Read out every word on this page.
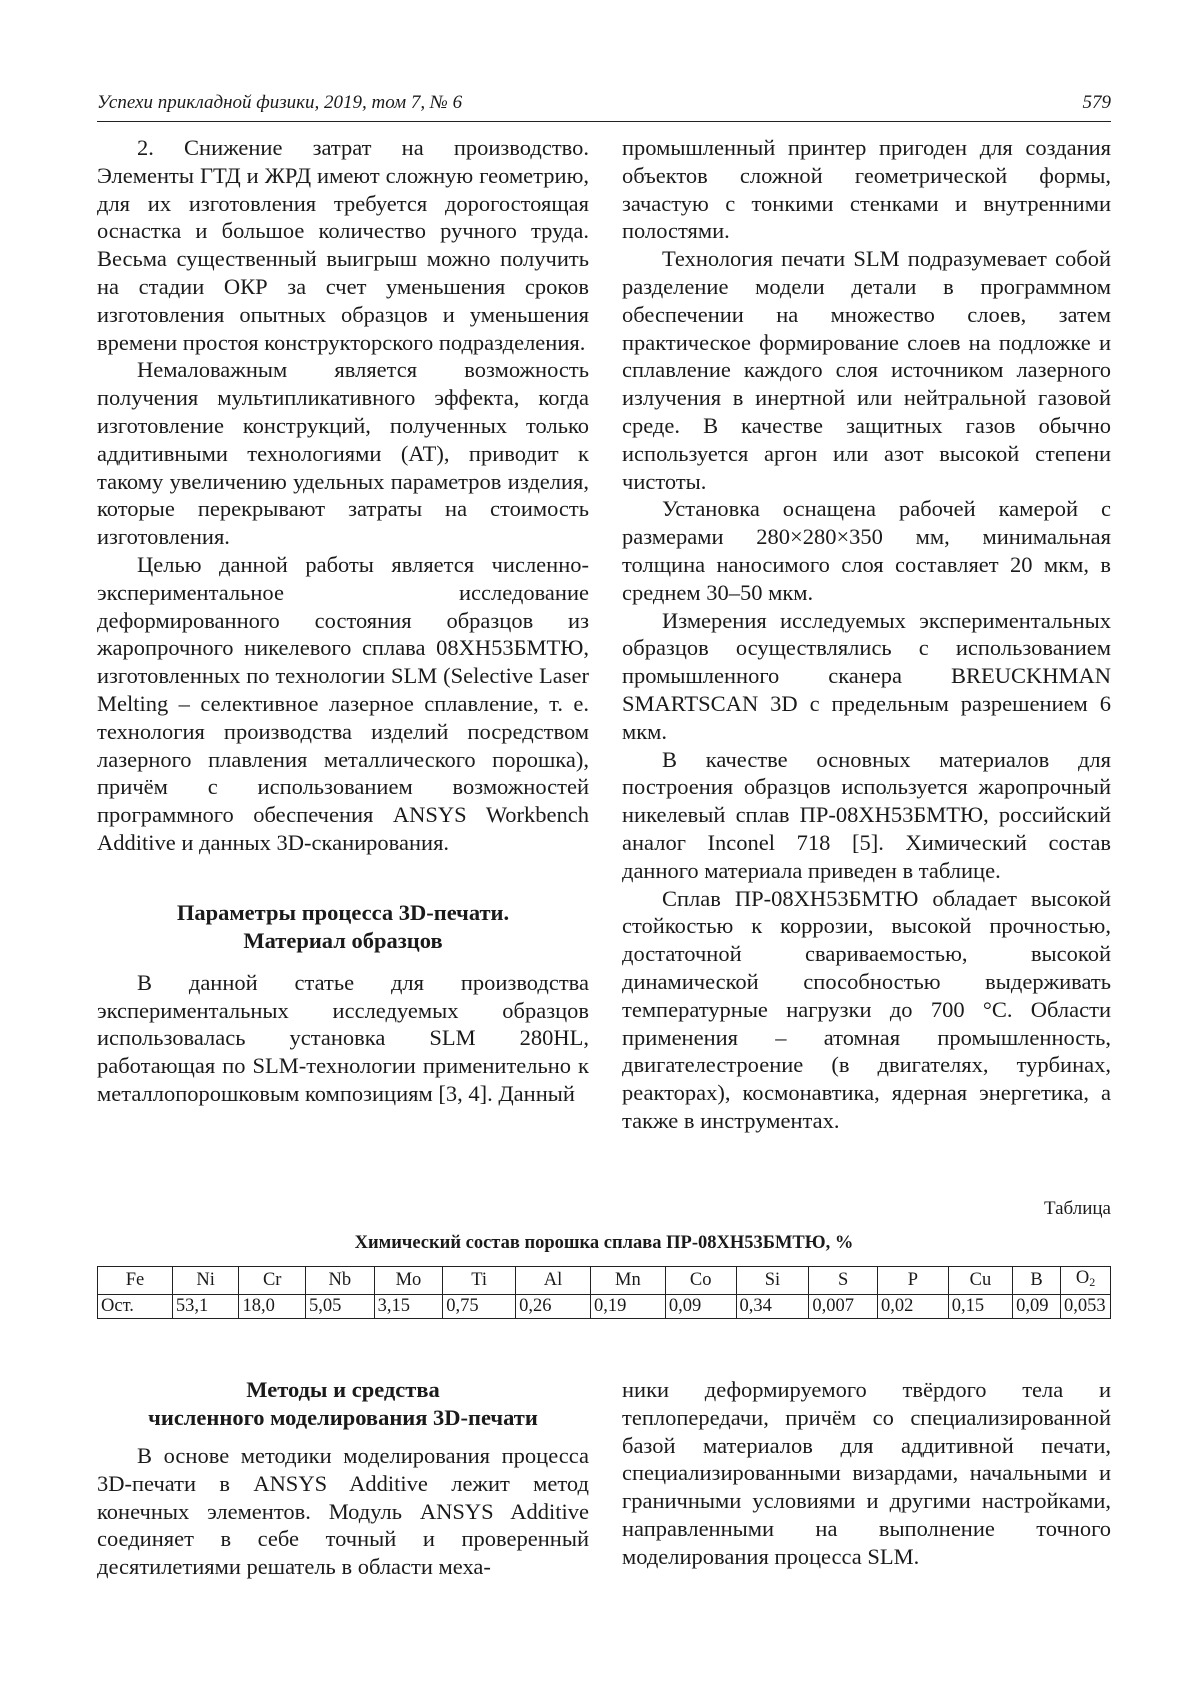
Успехи прикладной физики, 2019, том 7, № 6	579

2. Снижение затрат на производство. Элементы ГТД и ЖРД имеют сложную геометрию, для их изготовления требуется дорогостоящая оснастка и большое количество ручного труда. Весьма существенный выигрыш можно получить на стадии ОКР за счет уменьшения сроков изготовления опытных образцов и уменьшения времени простоя конструкторского подразделения.

Немаловажным является возможность получения мультипликативного эффекта, когда изготовление конструкций, полученных только аддитивными технологиями (АТ), приводит к такому увеличению удельных параметров изделия, которые перекрывают затраты на стоимость изготовления.

Целью данной работы является численно-экспериментальное исследование деформированного состояния образцов из жаропрочного никелевого сплава 08ХН53БМТЮ, изготовленных по технологии SLM (Selective Laser Melting – селективное лазерное сплавление, т. е. технология производства изделий посредством лазерного плавления металлического порошка), причём с использованием возможностей программного обеспечения ANSYS Workbench Additive и данных 3D-сканирования.

Параметры процесса 3D-печати.
Материал образцов

В данной статье для производства экспериментальных исследуемых образцов использовалась установка SLM 280HL, работающая по SLM-технологии применительно к металлопорошковым композициям [3, 4]. Данный

промышленный принтер пригоден для создания объектов сложной геометрической формы, зачастую с тонкими стенками и внутренними полостями.

Технология печати SLM подразумевает собой разделение модели детали в программном обеспечении на множество слоев, затем практическое формирование слоев на подложке и сплавление каждого слоя источником лазерного излучения в инертной или нейтральной газовой среде. В качестве защитных газов обычно используется аргон или азот высокой степени чистоты.

Установка оснащена рабочей камерой с размерами 280×280×350 мм, минимальная толщина наносимого слоя составляет 20 мкм, в среднем 30–50 мкм.

Измерения исследуемых экспериментальных образцов осуществлялись с использованием промышленного сканера BREUCKHMAN SMARTSCAN 3D с предельным разрешением 6 мкм.

В качестве основных материалов для построения образцов используется жаропрочный никелевый сплав ПР-08ХН53БМТЮ, российский аналог Inconel 718 [5]. Химический состав данного материала приведен в таблице.

Сплав ПР-08ХН53БМТЮ обладает высокой стойкостью к коррозии, высокой прочностью, достаточной свариваемостью, высокой динамической способностью выдерживать температурные нагрузки до 700 °С. Области применения – атомная промышленность, двигателестроение (в двигателях, турбинах, реакторах), космонавтика, ядерная энергетика, а также в инструментах.

Таблица
Химический состав порошка сплава ПР-08ХН53БМТЮ, %
Fe	Ni	Cr	Nb	Mo	Ti	Al	Mn	Co	Si	S	P	Cu	B	$O_2$
Ост.	53,1	18,0	5,05	3,15	0,75	0,26	0,19	0,09	0,34	0,007	0,02	0,15	0,09	0,053
Методы и средства
численного моделирования 3D-печати

В основе методики моделирования процесса 3D-печати в ANSYS Additive лежит метод конечных элементов. Модуль ANSYS Additive соединяет в себе точный и проверенный десятилетиями решатель в области меха-

ники деформируемого твёрдого тела и теплопередачи, причём со специализированной базой материалов для аддитивной печати, специализированными визардами, начальными и граничными условиями и другими настройками, направленными на выполнение точного моделирования процесса SLM.
